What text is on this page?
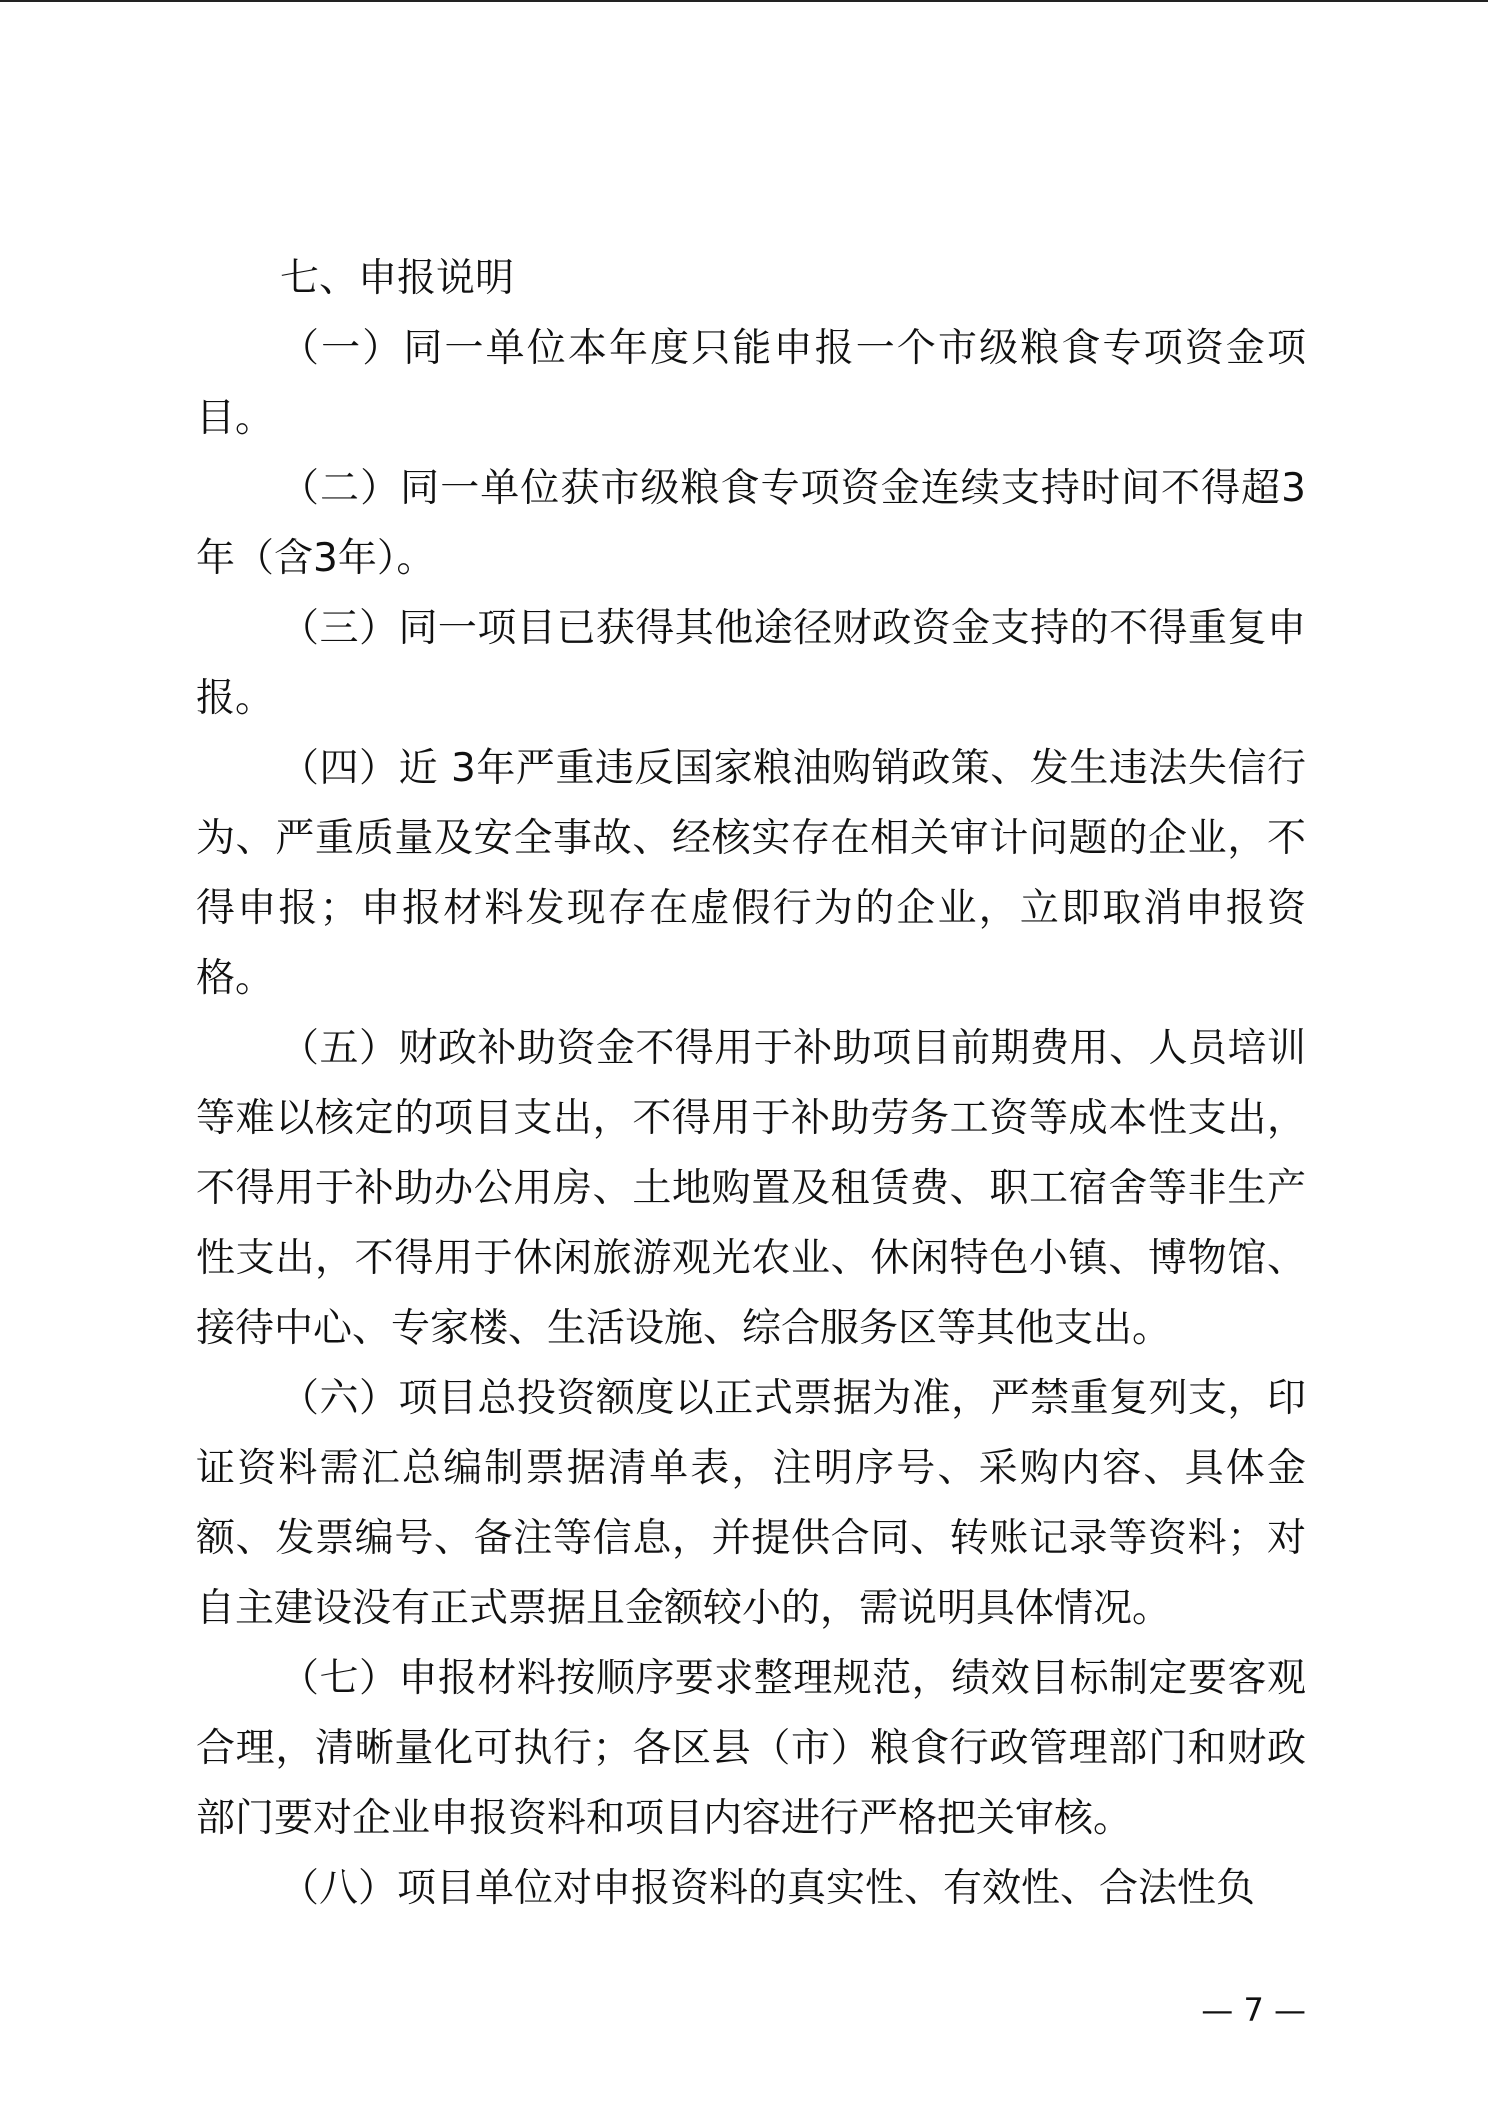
七、申报说明

（一）同一单位本年度只能申报一个市级粮食专项资金项目。

（二）同一单位获市级粮食专项资金连续支持时间不得超3年（含3年）。

（三）同一项目已获得其他途径财政资金支持的不得重复申报。

（四）近 3年严重违反国家粮油购销政策、发生违法失信行为、严重质量及安全事故、经核实存在相关审计问题的企业，不得申报；申报材料发现存在虚假行为的企业，立即取消申报资格。

（五）财政补助资金不得用于补助项目前期费用、人员培训等难以核定的项目支出，不得用于补助劳务工资等成本性支出，不得用于补助办公用房、土地购置及租赁费、职工宿舍等非生产性支出，不得用于休闲旅游观光农业、休闲特色小镇、博物馆、接待中心、专家楼、生活设施、综合服务区等其他支出。

（六）项目总投资额度以正式票据为准，严禁重复列支，印证资料需汇总编制票据清单表，注明序号、采购内容、具体金额、发票编号、备注等信息，并提供合同、转账记录等资料；对自主建设没有正式票据且金额较小的，需说明具体情况。

（七）申报材料按顺序要求整理规范，绩效目标制定要客观合理，清晰量化可执行；各区县（市）粮食行政管理部门和财政部门要对企业申报资料和项目内容进行严格把关审核。

（八）项目单位对申报资料的真实性、有效性、合法性负

— 7 —
